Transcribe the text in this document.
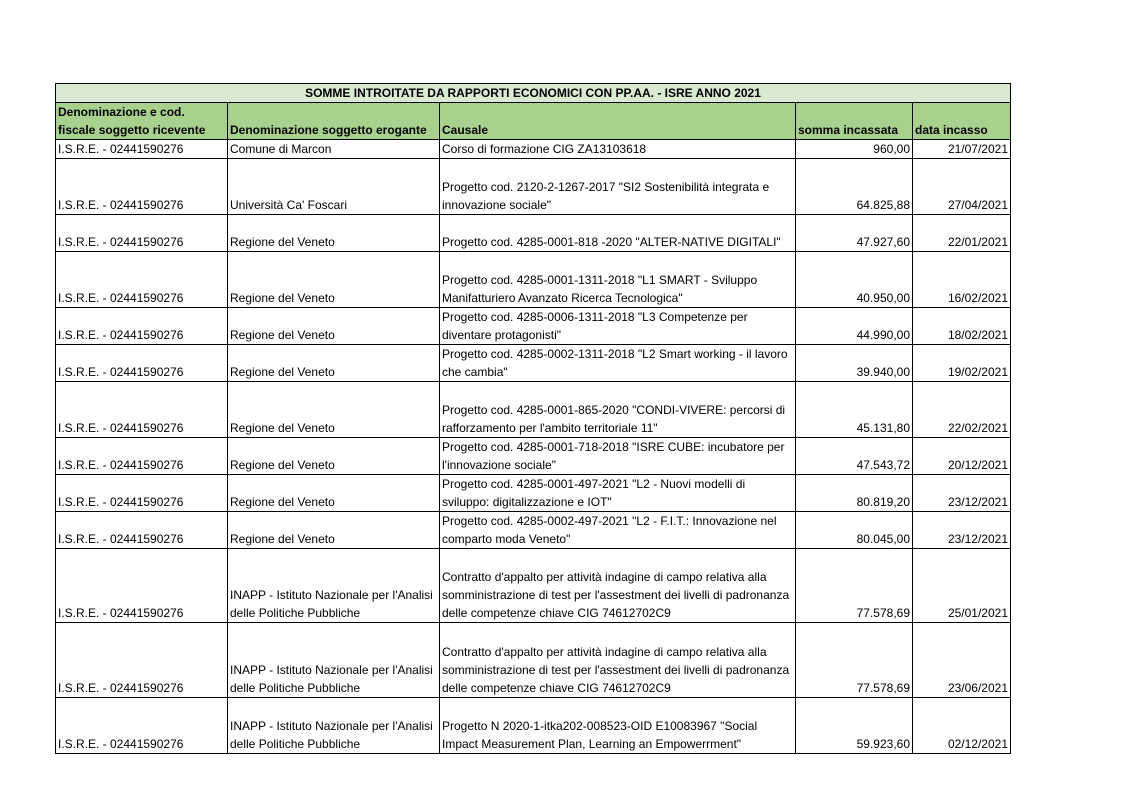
SOMME INTROITATE DA RAPPORTI ECONOMICI CON PP.AA. - ISRE ANNO 2021				
Denominazione e cod. fiscale soggetto ricevente	Denominazione soggetto erogante	Causale	somma incassata	data incasso
I.S.R.E. - 02441590276	Comune di Marcon	Corso di formazione CIG ZA13103618	960,00	21/07/2021
I.S.R.E. - 02441590276	Università Ca' Foscari	Progetto cod. 2120-2-1267-2017 "SI2 Sostenibilità integrata e innovazione sociale"	64.825,88	27/04/2021
I.S.R.E. - 02441590276	Regione del Veneto	Progetto cod. 4285-0001-818 -2020 "ALTER-NATIVE DIGITALI"	47.927,60	22/01/2021
I.S.R.E. - 02441590276	Regione del Veneto	Progetto cod. 4285-0001-1311-2018 "L1 SMART - Sviluppo Manifatturiero Avanzato Ricerca Tecnologica"	40.950,00	16/02/2021
I.S.R.E. - 02441590276	Regione del Veneto	Progetto cod. 4285-0006-1311-2018 "L3 Competenze per diventare protagonisti"	44.990,00	18/02/2021
I.S.R.E. - 02441590276	Regione del Veneto	Progetto cod. 4285-0002-1311-2018 "L2 Smart working - il lavoro che cambia"	39.940,00	19/02/2021
I.S.R.E. - 02441590276	Regione del Veneto	Progetto cod. 4285-0001-865-2020 "CONDI-VIVERE: percorsi di rafforzamento per l'ambito territoriale 11"	45.131,80	22/02/2021
I.S.R.E. - 02441590276	Regione del Veneto	Progetto cod. 4285-0001-718-2018 "ISRE CUBE: incubatore per l'innovazione sociale"	47.543,72	20/12/2021
I.S.R.E. - 02441590276	Regione del Veneto	Progetto cod. 4285-0001-497-2021 "L2 - Nuovi modelli di sviluppo: digitalizzazione e IOT"	80.819,20	23/12/2021
I.S.R.E. - 02441590276	Regione del Veneto	Progetto cod. 4285-0002-497-2021 "L2 - F.I.T.: Innovazione nel comparto moda Veneto"	80.045,00	23/12/2021
I.S.R.E. - 02441590276	INAPP - Istituto Nazionale per l'Analisi delle Politiche Pubbliche	Contratto d'appalto per attività indagine di campo relativa alla somministrazione di test per l'assestment dei livelli di padronanza delle competenze chiave CIG 74612702C9	77.578,69	25/01/2021
I.S.R.E. - 02441590276	INAPP - Istituto Nazionale per l'Analisi delle Politiche Pubbliche	Contratto d'appalto per attività indagine di campo relativa alla somministrazione di test per l'assestment dei livelli di padronanza delle competenze chiave CIG 74612702C9	77.578,69	23/06/2021
I.S.R.E. - 02441590276	INAPP - Istituto Nazionale per l'Analisi delle Politiche Pubbliche	Progetto N 2020-1-itka202-008523-OID E10083967 "Social Impact Measurement Plan, Learning an Empowerrment"	59.923,60	02/12/2021
